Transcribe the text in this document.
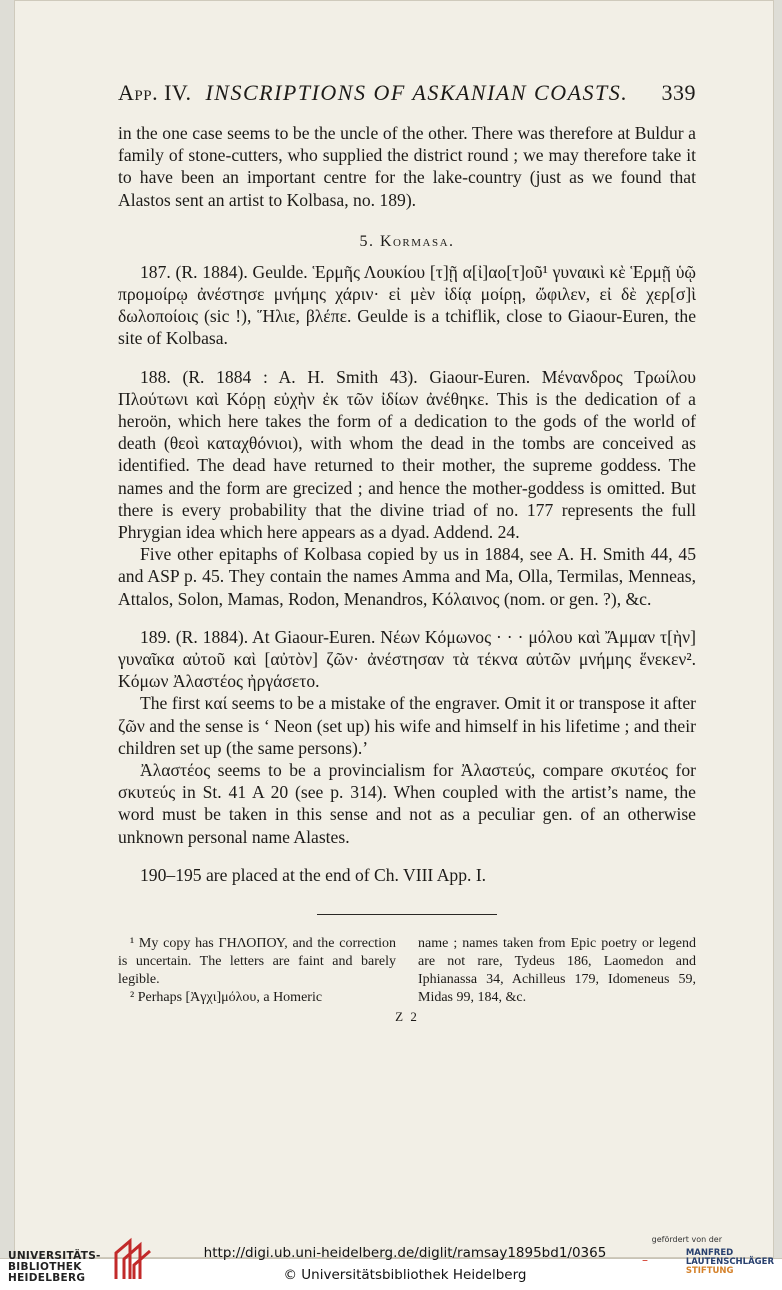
App. IV. INSCRIPTIONS OF ASKANIAN COASTS. 339

in the one case seems to be the uncle of the other. There was therefore at Buldur a family of stone-cutters, who supplied the district round ; we may therefore take it to have been an important centre for the lake-country (just as we found that Alastos sent an artist to Kolbasa, no. 189).

5. Kormasa.

187. (R. 1884). Geulde. Ἑρμῆς Λουκίου [τ]ῇ α[ἰ]αο[τ]οῦ¹ γυναικὶ κὲ Ἑρμῇ ὑῷ προμοίρῳ ἀνέστησε μνήμης χάριν· εἰ μὲν ἰδίᾳ μοίρῃ, ὤφιλεν, εἰ δὲ χερ[σ]ὶ δωλοποίοις (sic !), Ἥλιε, βλέπε. Geulde is a tchiflik, close to Giaour-Euren, the site of Kolbasa.

188. (R. 1884 : A. H. Smith 43). Giaour-Euren. Μένανδρος Τρωίλου Πλούτωνι καὶ Κόρῃ εὐχὴν ἐκ τῶν ἰδίων ἀνέθηκε. This is the dedication of a heroön, which here takes the form of a dedication to the gods of the world of death (θεοὶ καταχθόνιοι), with whom the dead in the tombs are conceived as identified. The dead have returned to their mother, the supreme goddess. The names and the form are grecized ; and hence the mother-goddess is omitted. But there is every probability that the divine triad of no. 177 represents the full Phrygian idea which here appears as a dyad. Addend. 24.

Five other epitaphs of Kolbasa copied by us in 1884, see A. H. Smith 44, 45 and ASP p. 45. They contain the names Amma and Ma, Olla, Termilas, Menneas, Attalos, Solon, Mamas, Rodon, Menandros, Κόλαινος (nom. or gen. ?), &c.

189. (R. 1884). At Giaour-Euren. Νέων Κόμωνος · · · μόλου καὶ Ἄμμαν τ[ὴν] γυναῖκα αὐτοῦ καὶ [αὐτὸν] ζῶν· ἀνέστησαν τὰ τέκνα αὐτῶν μνήμης ἕνεκεν². Κόμων Ἀλαστέος ἠργάσετο.

The first καί seems to be a mistake of the engraver. Omit it or transpose it after ζῶν and the sense is ‘ Neon (set up) his wife and himself in his lifetime ; and their children set up (the same persons).’

Ἀλαστέος seems to be a provincialism for Ἀλαστεύς, compare σκυτέος for σκυτεύς in St. 41 A 20 (see p. 314). When coupled with the artist’s name, the word must be taken in this sense and not as a peculiar gen. of an otherwise unknown personal name Alastes.

190–195 are placed at the end of Ch. VIII App. I.

¹ My copy has ΓΗΛΟΠΟΥ, and the correction is uncertain. The letters are faint and barely legible.

² Perhaps [Ἀγχι]μόλου, a Homeric

name ; names taken from Epic poetry or legend are not rare, Tydeus 186, Laomedon and Iphianassa 34, Achilleus 179, Idomeneus 59, Midas 99, 184, &c.

Z 2
UNIVERSITÄTS-
BIBLIOTHEK
HEIDELBERG
http://digi.ub.uni-heidelberg.de/diglit/ramsay1895bd1/0365
© Universitätsbibliothek Heidelberg
gefördert von der
–	MANFRED
LAUTENSCHLÄGER
STIFTUNG
